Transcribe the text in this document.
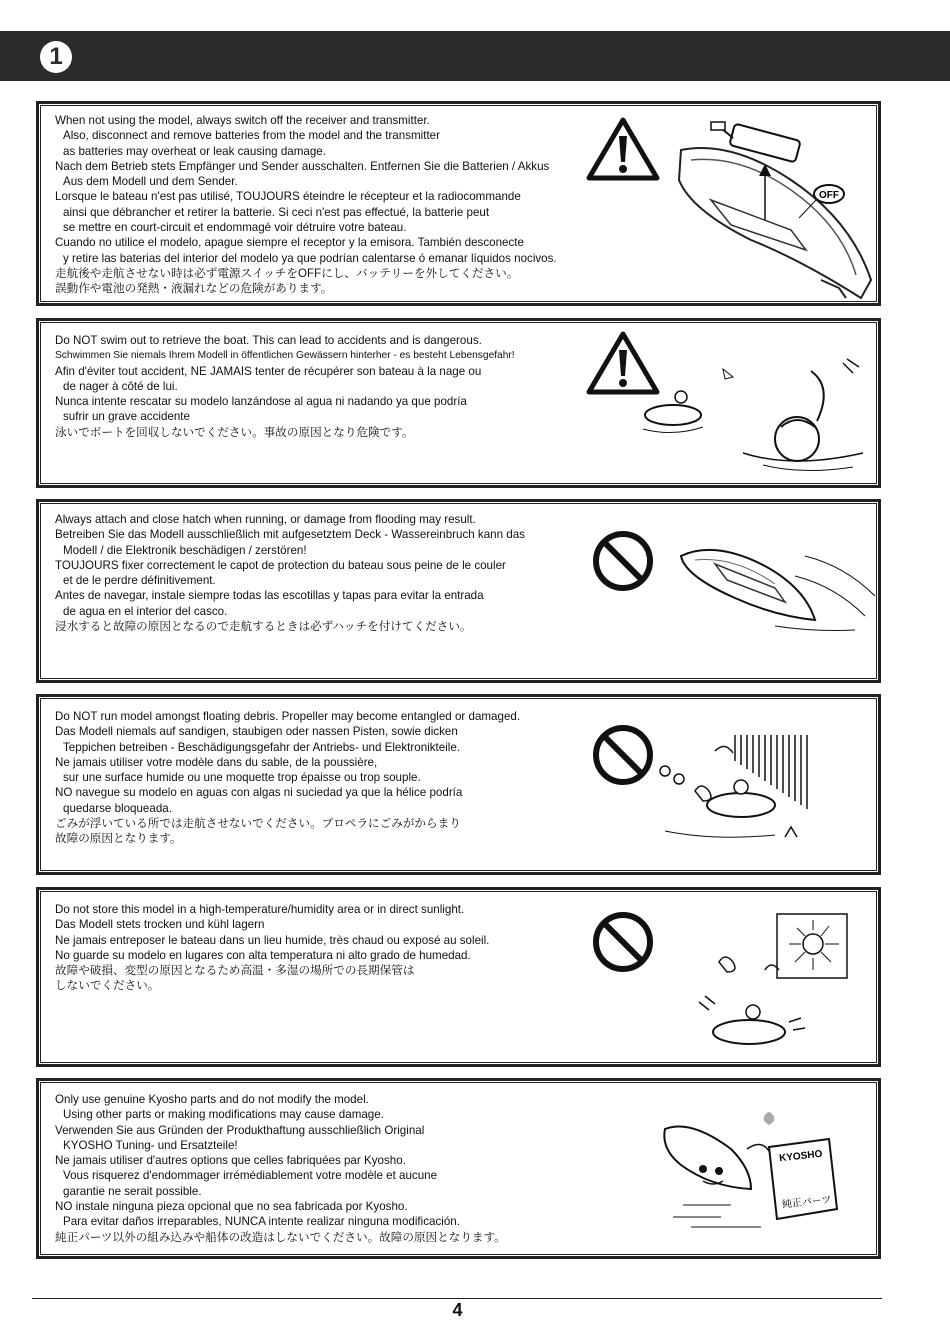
1
When not using the model, always switch off the receiver and transmitter.
Also, disconnect and remove batteries from the model and the transmitter
as batteries may overheat or leak causing damage.
Nach dem Betrieb stets Empfänger und Sender ausschalten. Entfernen Sie die Batterien / Akkus
Aus dem Modell und dem Sender.
Lorsque le bateau n'est pas utilisé, TOUJOURS éteindre le récepteur et la radiocommande
ainsi que débrancher et retirer la batterie. Si ceci n'est pas effectué, la batterie peut
se mettre en court-circuit et endommagé voir détruire votre bateau.
Cuando no utilice el modelo, apague siempre el receptor y la emisora. También desconecte
y retire las baterias del interior del modelo ya que podrían calentarse ó emanar líquidos nocivos.
走航後や走航させない時は必ず電源スイッチをOFFにし、バッテリーを外してください。
誤動作や電池の発熱・液漏れなどの危険があります。
OFF
Do NOT swim out to retrieve the boat. This can lead to accidents and is dangerous.
Schwimmen Sie niemals Ihrem Modell in öffentlichen Gewässern hinterher - es besteht Lebensgefahr!
Afin d'éviter tout accident, NE JAMAIS tenter de récupérer son bateau à la nage ou
de nager à côté de lui.
Nunca intente rescatar su modelo lanzándose al agua ni nadando ya que podría
sufrir un grave accidente
泳いでボートを回収しないでください。事故の原因となり危険です。
Always attach and close hatch when running, or damage from flooding may result.
Betreiben Sie das Modell ausschließlich mit aufgesetztem Deck - Wassereinbruch kann das
Modell / die Elektronik beschädigen / zerstören!
TOUJOURS fixer correctement le capot de protection du bateau sous peine de le couler
et de le perdre définitivement.
Antes de navegar, instale siempre todas las escotillas y tapas para evitar la entrada
de agua en el interior del casco.
浸水すると故障の原因となるので走航するときは必ずハッチを付けてください。
Do NOT run model amongst floating debris. Propeller may become entangled or damaged.
Das Modell niemals auf sandigen, staubigen oder nassen Pisten, sowie dicken
Teppichen betreiben - Beschädigungsgefahr der Antriebs- und Elektronikteile.
Ne jamais utiliser votre modèle dans du sable, de la poussière,
sur une surface humide ou une moquette trop épaisse ou trop souple.
NO navegue su modelo en aguas con algas ni suciedad ya que la hélice podría
quedarse bloqueada.
ごみが浮いている所では走航させないでください。プロペラにごみがからまり
故障の原因となります。
Do not store this model in a high-temperature/humidity area or in direct sunlight.
Das Modell stets trocken und kühl lagern
Ne jamais entreposer le bateau dans un lieu humide, très chaud ou exposé au soleil.
No guarde su modelo en lugares con alta temperatura ni alto grado de humedad.
故障や破損、変型の原因となるため高温・多湿の場所での長期保管は
しないでください。
Only use genuine Kyosho parts and do not modify the model.
Using other parts or making modifications may cause damage.
Verwenden Sie aus Gründen der Produkthaftung ausschließlich Original
KYOSHO Tuning- und Ersatzteile!
Ne jamais utiliser d'autres options que celles fabriquées par Kyosho.
Vous risquerez d'endommager irrémédiablement votre modèle et aucune
garantie ne serait possible.
NO instale ninguna pieza opcional que no sea fabricada por Kyosho.
Para evitar daños irreparables, NUNCA intente realizar ninguna modificación.
純正パーツ以外の組み込みや船体の改造はしないでください。故障の原因となります。
KYOSHO
純正パーツ
4
